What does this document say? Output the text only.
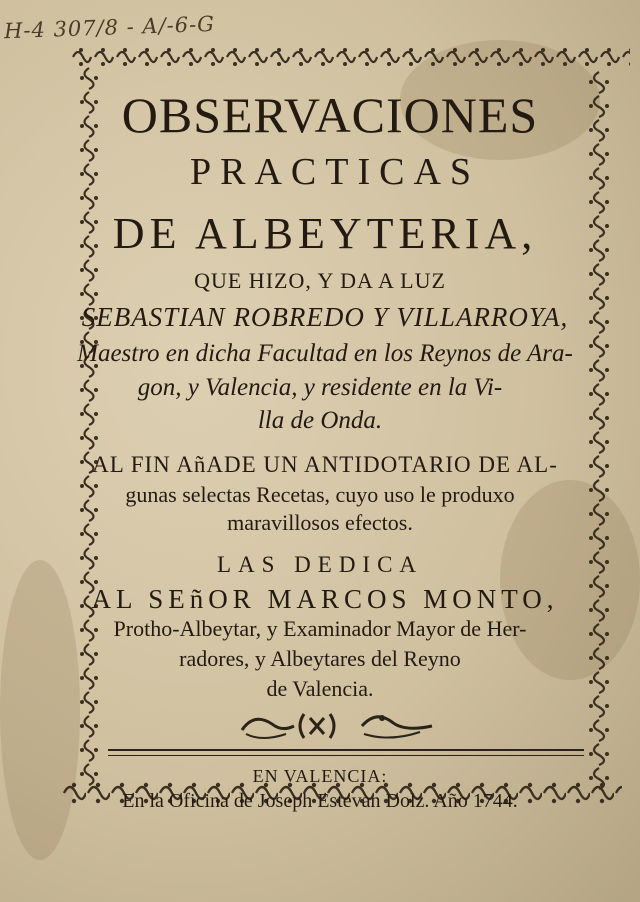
H-4 307/8 - A/-6-G
OBSERVACIONES
PRACTICAS
DE ALBEYTERIA,
QUE HIZO, Y DA A LUZ
SEBASTIAN ROBREDO Y VILLARROYA,
Maestro en dicha Facultad en los Reynos de Ara-
gon, y Valencia, y residente en la Vi-
lla de Onda.
AL FIN AñADE UN ANTIDOTARIO DE AL-
gunas selectas Recetas, cuyo uso le produxo
maravillosos efectos.
LAS DEDICA
AL SEñOR MARCOS MONTO,
Protho-Albeytar, y Examinador Mayor de Her-
radores, y Albeytares del Reyno
de Valencia.
EN VALENCIA:
En la Oficina de Joseph Estevan Dolz. Año 1744.
